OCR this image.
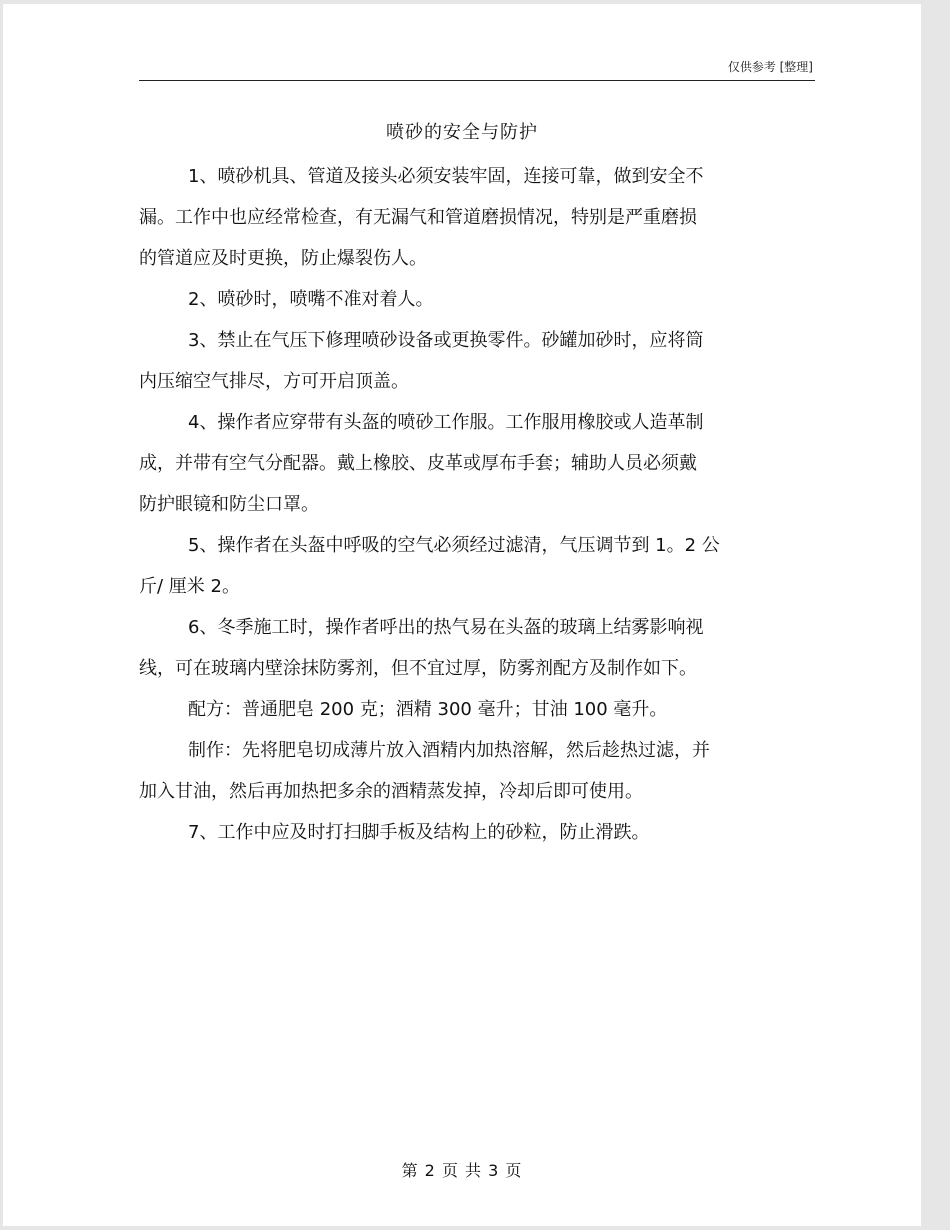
仅供参考 [整理]
喷砂的安全与防护
1、喷砂机具、管道及接头必须安装牢固，连接可靠，做到安全不
漏。工作中也应经常检查，有无漏气和管道磨损情况，特别是严重磨损
的管道应及时更换，防止爆裂伤人。
2、喷砂时，喷嘴不准对着人。
3、禁止在气压下修理喷砂设备或更换零件。砂罐加砂时，应将筒
内压缩空气排尽，方可开启顶盖。
4、操作者应穿带有头盔的喷砂工作服。工作服用橡胶或人造革制
成，并带有空气分配器。戴上橡胶、皮革或厚布手套；辅助人员必须戴
防护眼镜和防尘口罩。
5、操作者在头盔中呼吸的空气必须经过滤清，气压调节到 1。2 公
斤/ 厘米 2。
6、冬季施工时，操作者呼出的热气易在头盔的玻璃上结雾影响视
线，可在玻璃内壁涂抹防雾剂，但不宜过厚，防雾剂配方及制作如下。
配方：普通肥皂 200 克；酒精 300 毫升；甘油 100 毫升。
制作：先将肥皂切成薄片放入酒精内加热溶解，然后趁热过滤，并
加入甘油，然后再加热把多余的酒精蒸发掉，冷却后即可使用。
7、工作中应及时打扫脚手板及结构上的砂粒，防止滑跌。
第 2 页 共 3 页
